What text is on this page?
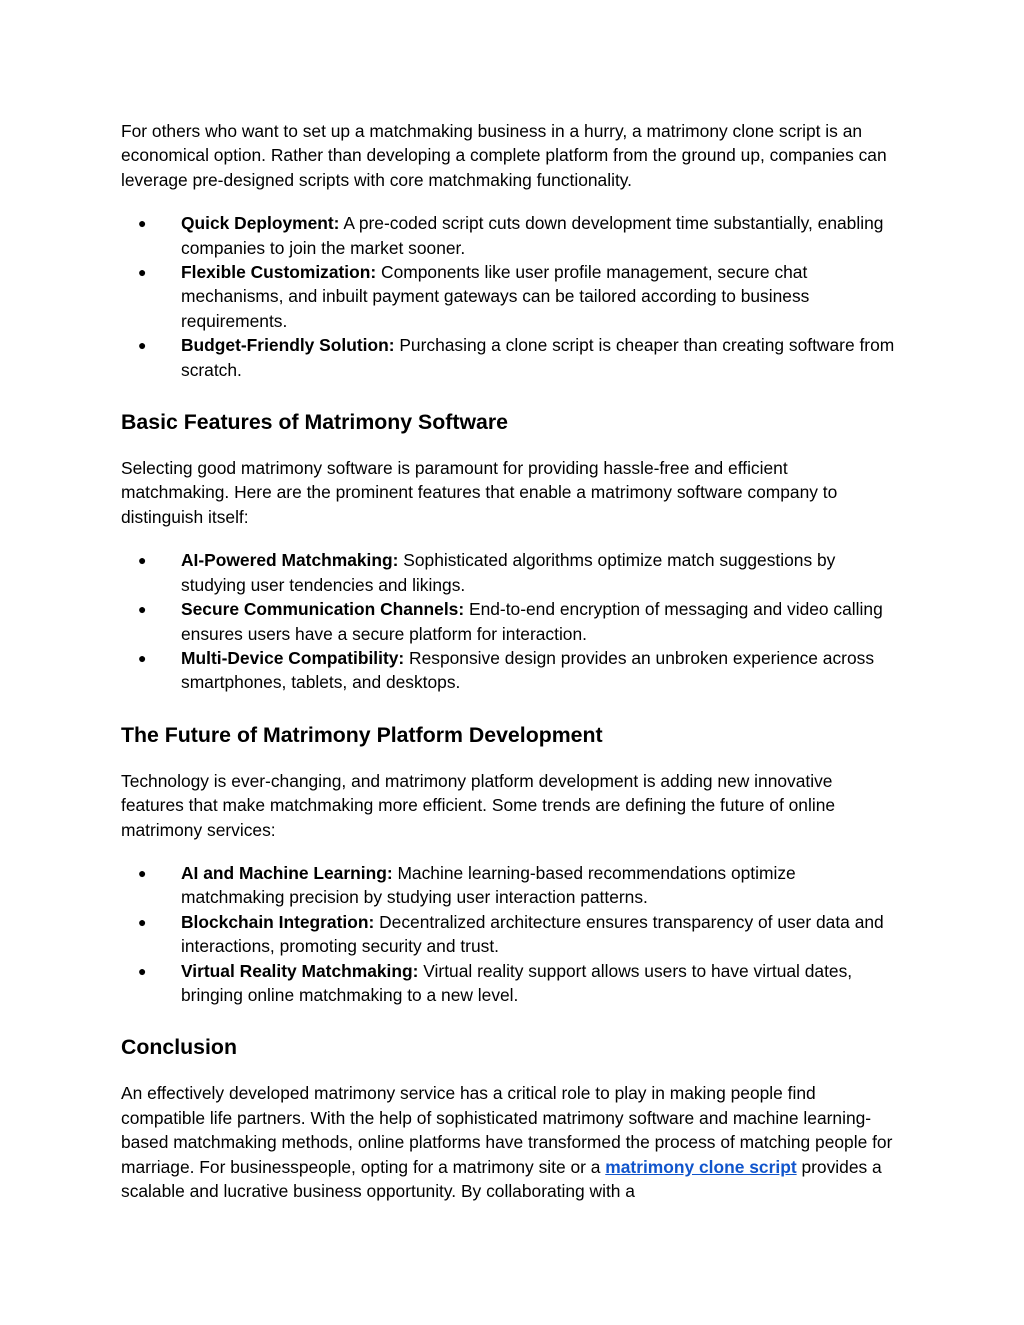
For others who want to set up a matchmaking business in a hurry, a matrimony clone script is an economical option. Rather than developing a complete platform from the ground up, companies can leverage pre-designed scripts with core matchmaking functionality.

● Quick Deployment: A pre-coded script cuts down development time substantially, enabling companies to join the market sooner.
● Flexible Customization: Components like user profile management, secure chat mechanisms, and inbuilt payment gateways can be tailored according to business requirements.
● Budget-Friendly Solution: Purchasing a clone script is cheaper than creating software from scratch.
Basic Features of Matrimony Software

Selecting good matrimony software is paramount for providing hassle-free and efficient matchmaking. Here are the prominent features that enable a matrimony software company to distinguish itself:

● AI-Powered Matchmaking: Sophisticated algorithms optimize match suggestions by studying user tendencies and likings.
● Secure Communication Channels: End-to-end encryption of messaging and video calling ensures users have a secure platform for interaction.
● Multi-Device Compatibility: Responsive design provides an unbroken experience across smartphones, tablets, and desktops.
The Future of Matrimony Platform Development

Technology is ever-changing, and matrimony platform development is adding new innovative features that make matchmaking more efficient. Some trends are defining the future of online matrimony services:

● AI and Machine Learning: Machine learning-based recommendations optimize matchmaking precision by studying user interaction patterns.
● Blockchain Integration: Decentralized architecture ensures transparency of user data and interactions, promoting security and trust.
● Virtual Reality Matchmaking: Virtual reality support allows users to have virtual dates, bringing online matchmaking to a new level.
Conclusion

An effectively developed matrimony service has a critical role to play in making people find compatible life partners. With the help of sophisticated matrimony software and machine learning-based matchmaking methods, online platforms have transformed the process of matching people for marriage. For businesspeople, opting for a matrimony site or a matrimony clone script provides a scalable and lucrative business opportunity. By collaborating with a
